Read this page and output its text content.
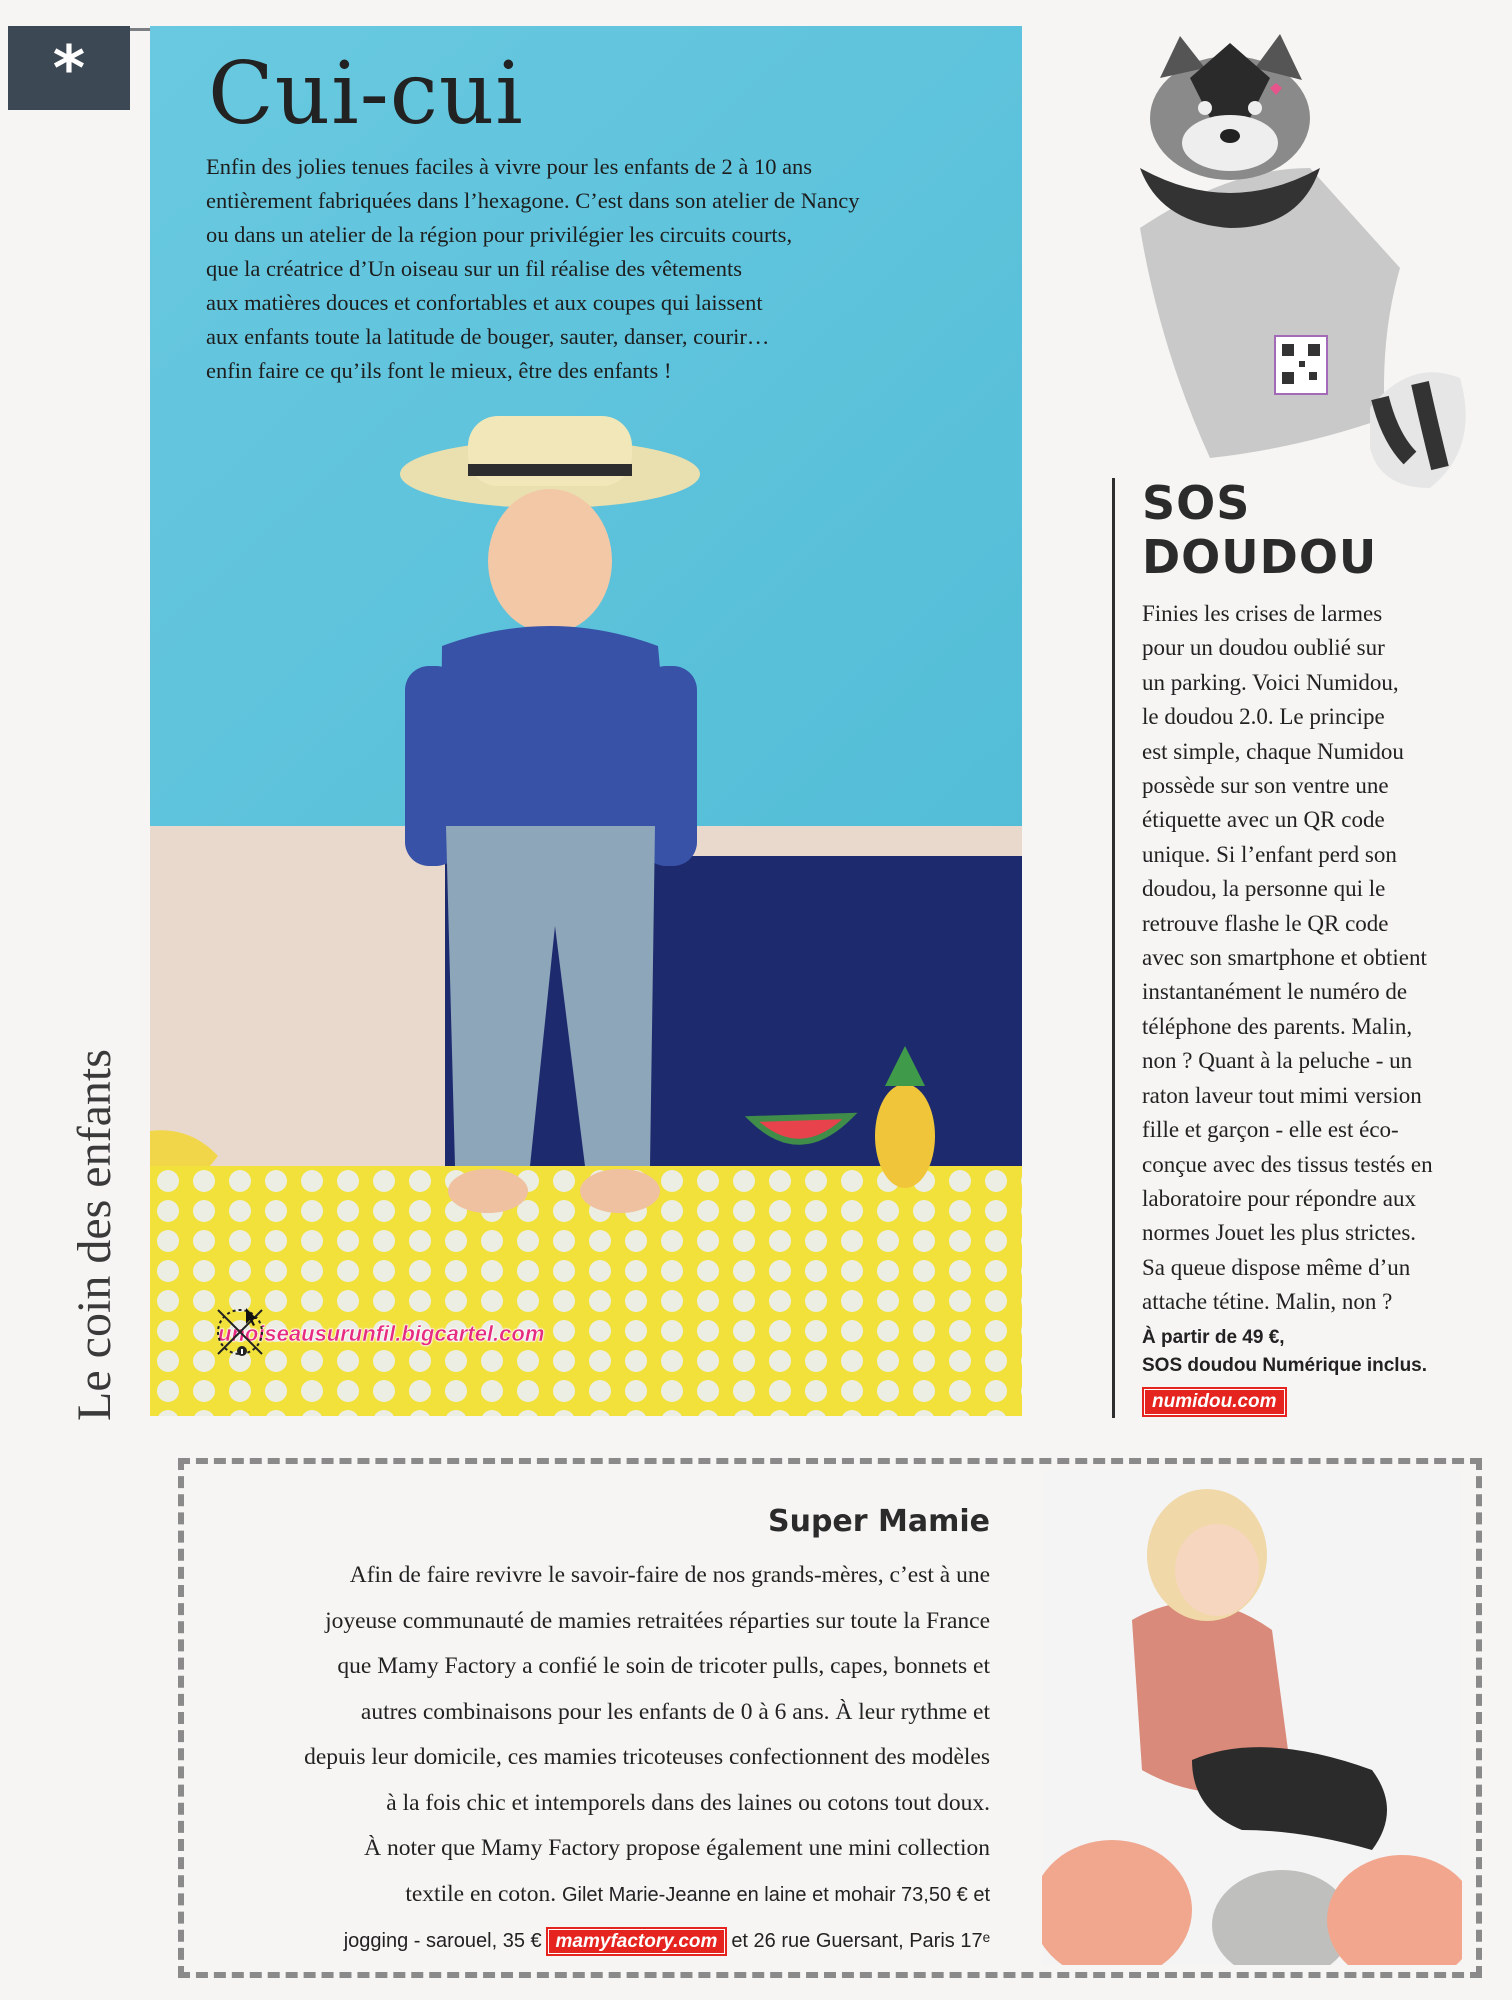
*
Le coin des enfants
Cui-cui
Enfin des jolies tenues faciles à vivre pour les enfants de 2 à 10 ans
entièrement fabriquées dans l’hexagone. C’est dans son atelier de Nancy
ou dans un atelier de la région pour privilégier les circuits courts,
que la créatrice d’Un oiseau sur un fil réalise des vêtements
aux matières douces et confortables et aux coupes qui laissent
aux enfants toute la latitude de bouger, sauter, danser, courir…
enfin faire ce qu’ils font le mieux, être des enfants !
unoiseausurunfil.bigcartel.com
SOS
DOUDOU
Finies les crises de larmes
pour un doudou oublié sur
un parking. Voici Numidou,
le doudou 2.0. Le principe
est simple, chaque Numidou
possède sur son ventre une
étiquette avec un QR code
unique. Si l’enfant perd son
doudou, la personne qui le
retrouve flashe le QR code
avec son smartphone et obtient
instantanément le numéro de
téléphone des parents. Malin,
non ? Quant à la peluche - un
raton laveur tout mimi version
fille et garçon - elle est éco-
conçue avec des tissus testés en
laboratoire pour répondre aux
normes Jouet les plus strictes.
Sa queue dispose même d’un
attache tétine. Malin, non ?
À partir de 49 €,
SOS doudou Numérique inclus.
numidou.com
Super Mamie
Afin de faire revivre le savoir-faire de nos grands-mères, c’est à une
joyeuse communauté de mamies retraitées réparties sur toute la France
que Mamy Factory a confié le soin de tricoter pulls, capes, bonnets et
autres combinaisons pour les enfants de 0 à 6 ans. À leur rythme et
depuis leur domicile, ces mamies tricoteuses confectionnent des modèles
à la fois chic et intemporels dans des laines ou cotons tout doux.
À noter que Mamy Factory propose également une mini collection
textile en coton. Gilet Marie-Jeanne en laine et mohair 73,50 € et
jogging - sarouel, 35 € mamyfactory.com et 26 rue Guersant, Paris 17ᵉ
